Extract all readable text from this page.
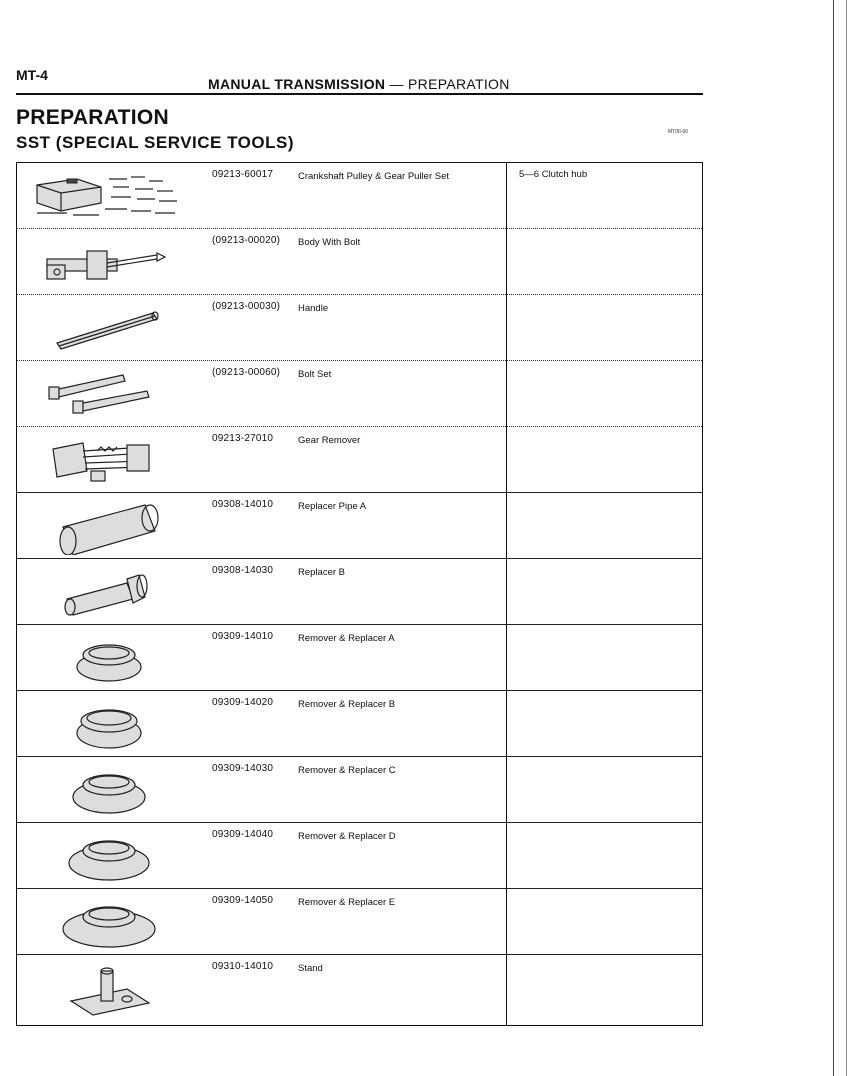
MT-4
MANUAL TRANSMISSION — PREPARATION
PREPARATION
SST (SPECIAL SERVICE TOOLS)
MT0II-00
09213-60017	Crankshaft Pulley & Gear Puller Set	5—6 Clutch hub
(09213-00020) Body With Bolt
(09213-00030) Handle
(09213-00060) Bolt Set
09213-27010	Gear Remover
09308-14010	Replacer Pipe A
09308-14030	Replacer B
09309-14010	Remover & Replacer A
09309-14020	Remover & Replacer B
09309-14030	Remover & Replacer C
09309-14040	Remover & Replacer D
09309-14050	Remover & Replacer E
09310-14010	Stand
